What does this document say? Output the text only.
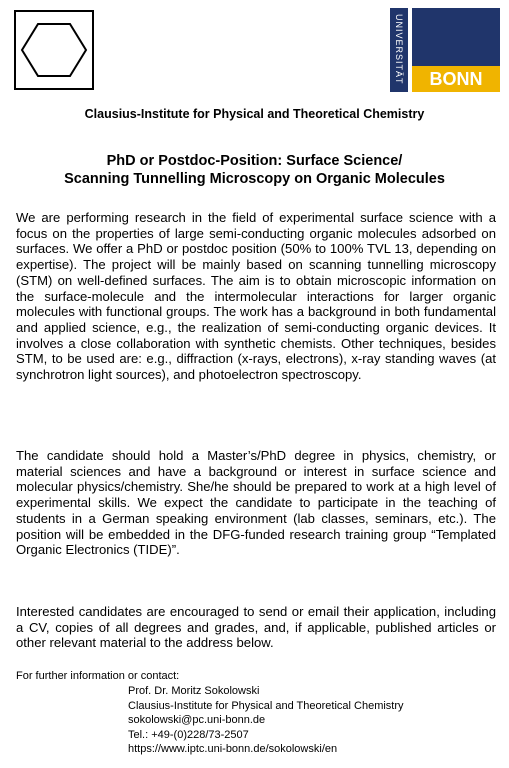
UNIVERSITÄT	BONN
Clausius-Institute for Physical and Theoretical Chemistry
PhD or Postdoc-Position: Surface Science/
Scanning Tunnelling Microscopy on Organic Molecules

We are performing research in the field of experimental surface science with a focus on the properties of large semi-conducting organic molecules adsorbed on surfaces. We offer a PhD or postdoc position (50% to 100% TVL 13, depending on expertise). The project will be mainly based on scanning tunnelling microscopy (STM) on well-defined surfaces. The aim is to obtain microscopic information on the surface-molecule and the intermolecular interactions for larger organic molecules with functional groups. The work has a background in both fundamental and applied science, e.g., the realization of semi-conducting organic devices. It involves a close collaboration with synthetic chemists. Other techniques, besides STM, to be used are: e.g., diffraction (x-rays, electrons), x-ray standing waves (at synchrotron light sources), and photoelectron spectroscopy.

The candidate should hold a Master’s/PhD degree in physics, chemistry, or material sciences and have a background or interest in surface science and molecular physics/chemistry. She/he should be prepared to work at a high level of experimental skills. We expect the candidate to participate in the teaching of students in a German speaking environment (lab classes, seminars, etc.). The position will be embedded in the DFG-funded research training group “Templated Organic Electronics (TIDE)”.

Interested candidates are encouraged to send or email their application, including a CV, copies of all degrees and grades, and, if applicable, published articles or other relevant material to the address below.

For further information or contact:
Prof. Dr. Moritz Sokolowski
Clausius-Institute for Physical and Theoretical Chemistry
sokolowski@pc.uni-bonn.de
Tel.: +49-(0)228/73-2507
https://www.iptc.uni-bonn.de/sokolowski/en
